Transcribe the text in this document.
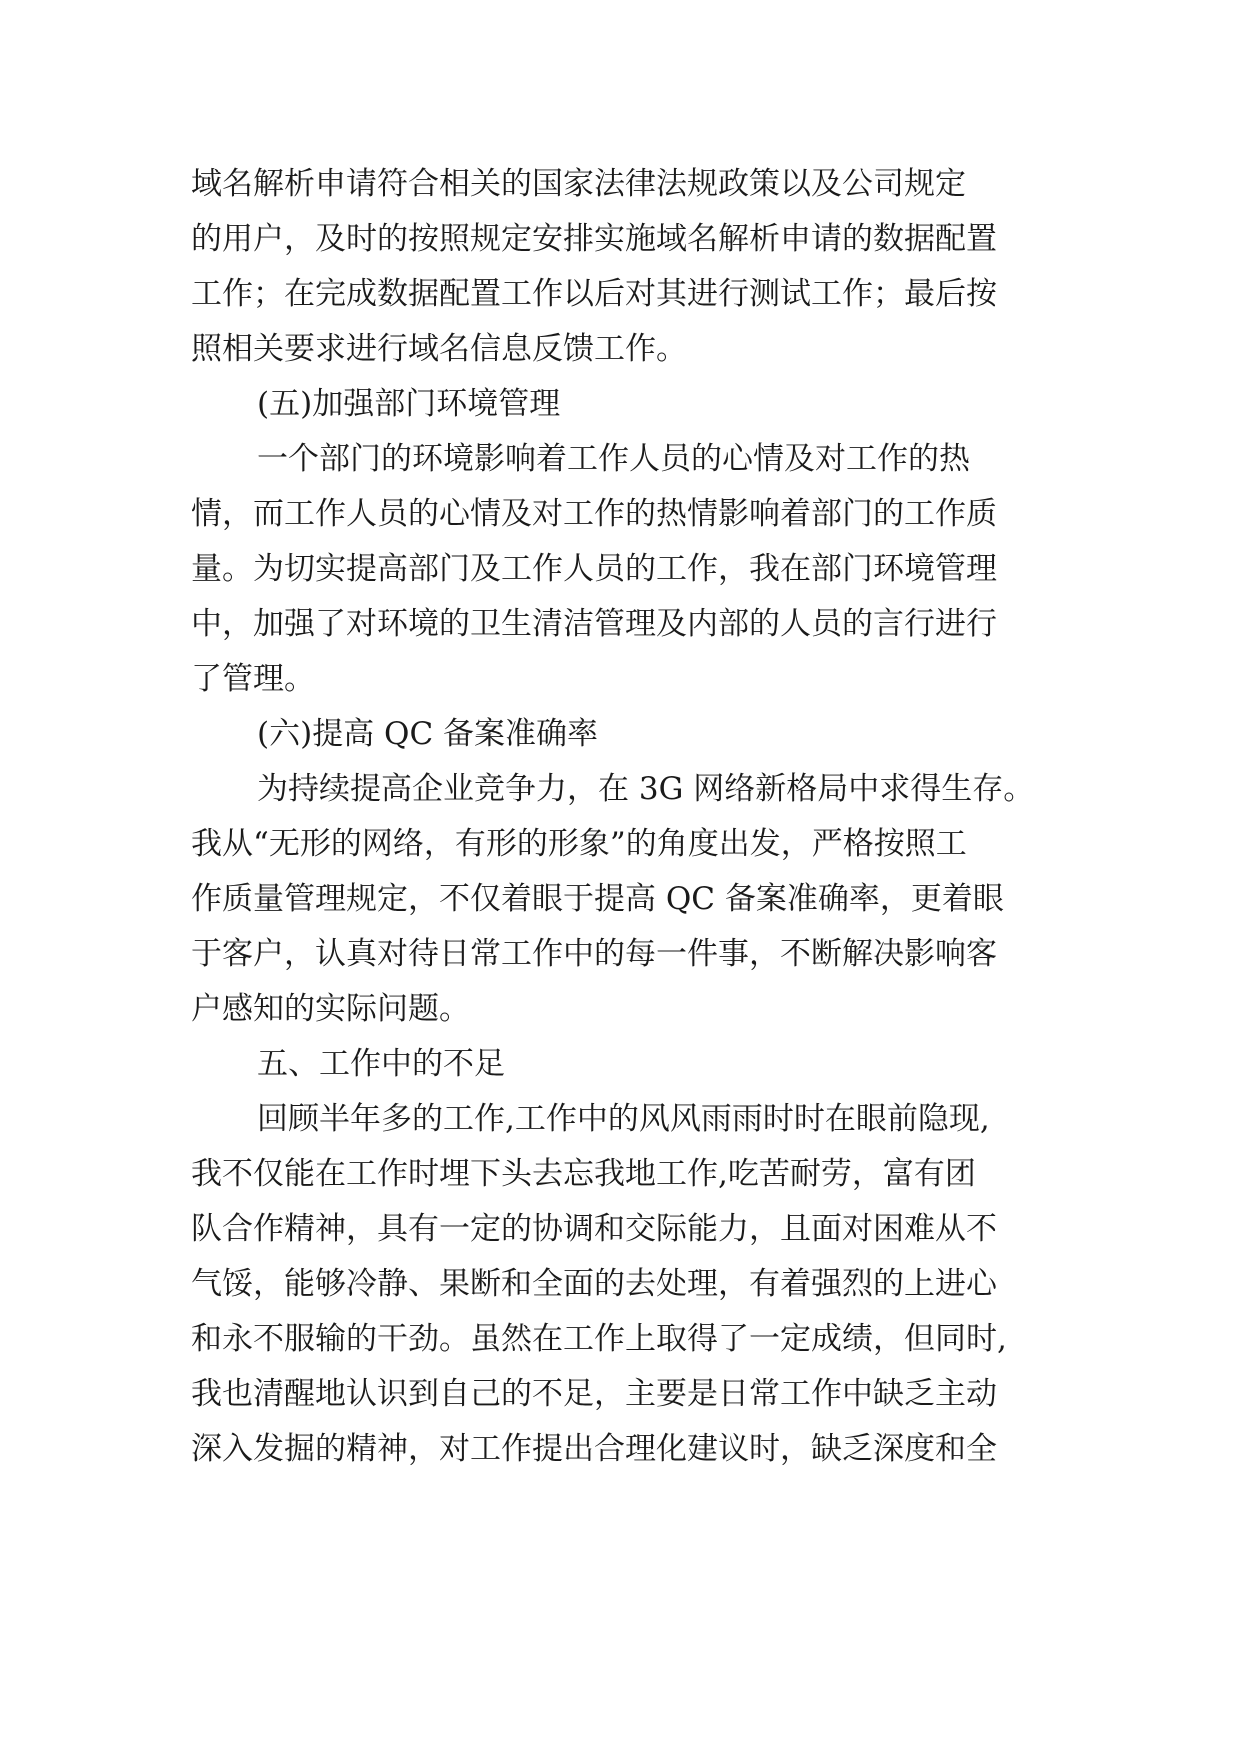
域名解析申请符合相关的国家法律法规政策以及公司规定
的用户，及时的按照规定安排实施域名解析申请的数据配置
工作；在完成数据配置工作以后对其进行测试工作；最后按
照相关要求进行域名信息反馈工作。
(五)加强部门环境管理
一个部门的环境影响着工作人员的心情及对工作的热
情，而工作人员的心情及对工作的热情影响着部门的工作质
量。为切实提高部门及工作人员的工作，我在部门环境管理
中，加强了对环境的卫生清洁管理及内部的人员的言行进行
了管理。
(六)提高 QC 备案准确率
为持续提高企业竞争力，在 3G 网络新格局中求得生存。
我从“无形的网络，有形的形象”的角度出发，严格按照工
作质量管理规定，不仅着眼于提高 QC 备案准确率，更着眼
于客户，认真对待日常工作中的每一件事，不断解决影响客
户感知的实际问题。
五、工作中的不足
回顾半年多的工作,工作中的风风雨雨时时在眼前隐现,
我不仅能在工作时埋下头去忘我地工作,吃苦耐劳，富有团
队合作精神，具有一定的协调和交际能力，且面对困难从不
气馁，能够冷静、果断和全面的去处理，有着强烈的上进心
和永不服输的干劲。虽然在工作上取得了一定成绩，但同时,
我也清醒地认识到自己的不足，主要是日常工作中缺乏主动
深入发掘的精神，对工作提出合理化建议时，缺乏深度和全
